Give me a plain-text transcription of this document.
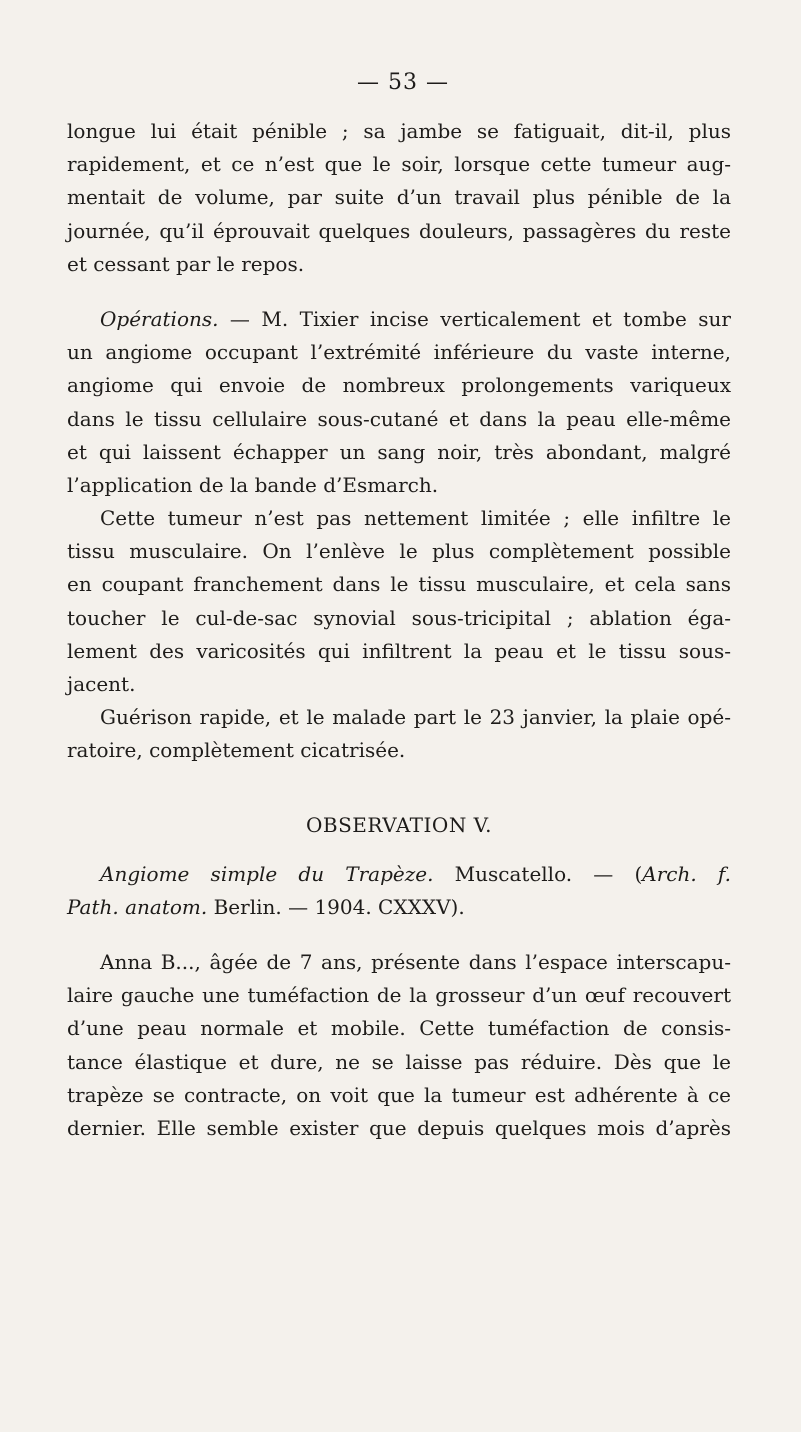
— 53 —
longue lui était pénible ; sa jambe se fatiguait, dit-il, plus
rapidement, et ce n’est que le soir, lorsque cette tumeur aug-
mentait de volume, par suite d’un travail plus pénible de la
journée, qu’il éprouvait quelques douleurs, passagères du reste
et cessant par le repos.
Opérations. — M. Tixier incise verticalement et tombe sur
un angiome occupant l’extrémité inférieure du vaste interne,
angiome qui envoie de nombreux prolongements variqueux
dans le tissu cellulaire sous-cutané et dans la peau elle-même
et qui laissent échapper un sang noir, très abondant, malgré
l’application de la bande d’Esmarch.
Cette tumeur n’est pas nettement limitée ; elle infiltre le
tissu musculaire. On l’enlève le plus complètement possible
en coupant franchement dans le tissu musculaire, et cela sans
toucher le cul-de-sac synovial sous-tricipital ; ablation éga-
lement des varicosités qui infiltrent la peau et le tissu sous-
jacent.
Guérison rapide, et le malade part le 23 janvier, la plaie opé-
ratoire, complètement cicatrisée.
OBSERVATION V.
Angiome simple du Trapèze. Muscatello. — (Arch. f.
Path. anatom. Berlin. — 1904. CXXXV).
Anna B..., âgée de 7 ans, présente dans l’espace interscapu-
laire gauche une tuméfaction de la grosseur d’un œuf recouvert
d’une peau normale et mobile. Cette tuméfaction de consis-
tance élastique et dure, ne se laisse pas réduire. Dès que le
trapèze se contracte, on voit que la tumeur est adhérente à ce
dernier. Elle semble exister que depuis quelques mois d’après
